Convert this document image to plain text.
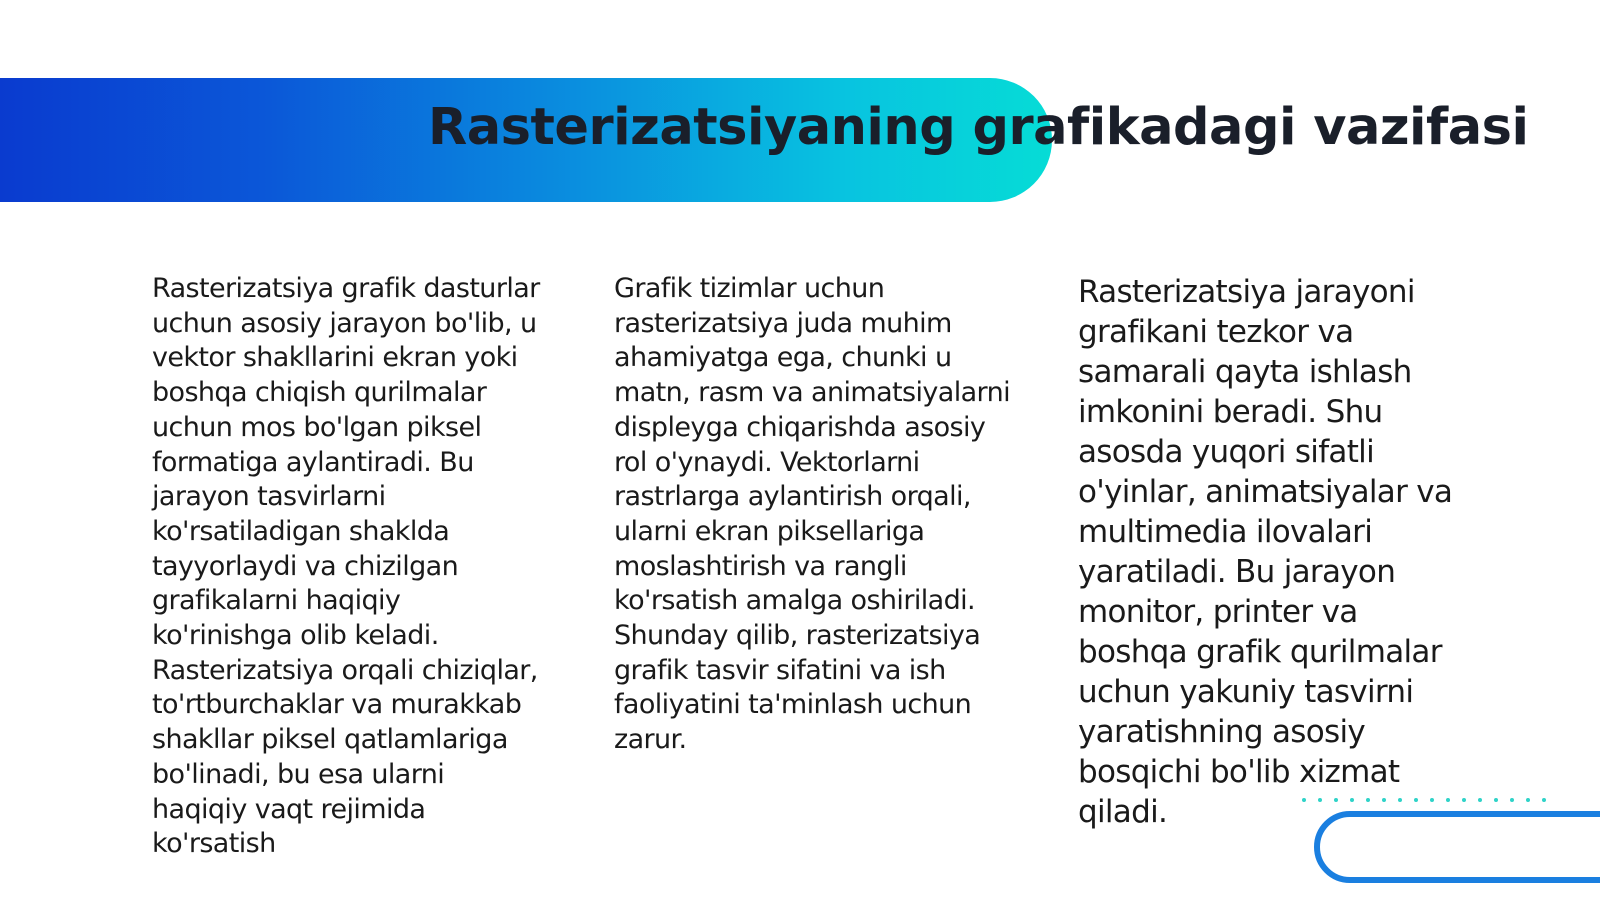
Rasterizatsiyaning grafikadagi vazifasi

Rasterizatsiya grafik dasturlar uchun asosiy jarayon bo'lib, u vektor shakllarini ekran yoki boshqa chiqish qurilmalar uchun mos bo'lgan piksel formatiga aylantiradi. Bu jarayon tasvirlarni ko'rsatiladigan shaklda tayyorlaydi va chizilgan grafikalarni haqiqiy ko'rinishga olib keladi. Rasterizatsiya orqali chiziqlar, to'rtburchaklar va murakkab shakllar piksel qatlamlariga bo'linadi, bu esa ularni haqiqiy vaqt rejimida ko'rsatish

Grafik tizimlar uchun rasterizatsiya juda muhim ahamiyatga ega, chunki u matn, rasm va animatsiyalarni displeyga chiqarishda asosiy rol o'ynaydi. Vektorlarni rastrlarga aylantirish orqali, ularni ekran piksellariga moslashtirish va rangli ko'rsatish amalga oshiriladi. Shunday qilib, rasterizatsiya grafik tasvir sifatini va ish faoliyatini ta'minlash uchun zarur.

Rasterizatsiya jarayoni grafikani tezkor va samarali qayta ishlash imkonini beradi. Shu asosda yuqori sifatli o'yinlar, animatsiyalar va multimedia ilovalari yaratiladi. Bu jarayon monitor, printer va boshqa grafik qurilmalar uchun yakuniy tasvirni yaratishning asosiy bosqichi bo'lib xizmat qiladi.
